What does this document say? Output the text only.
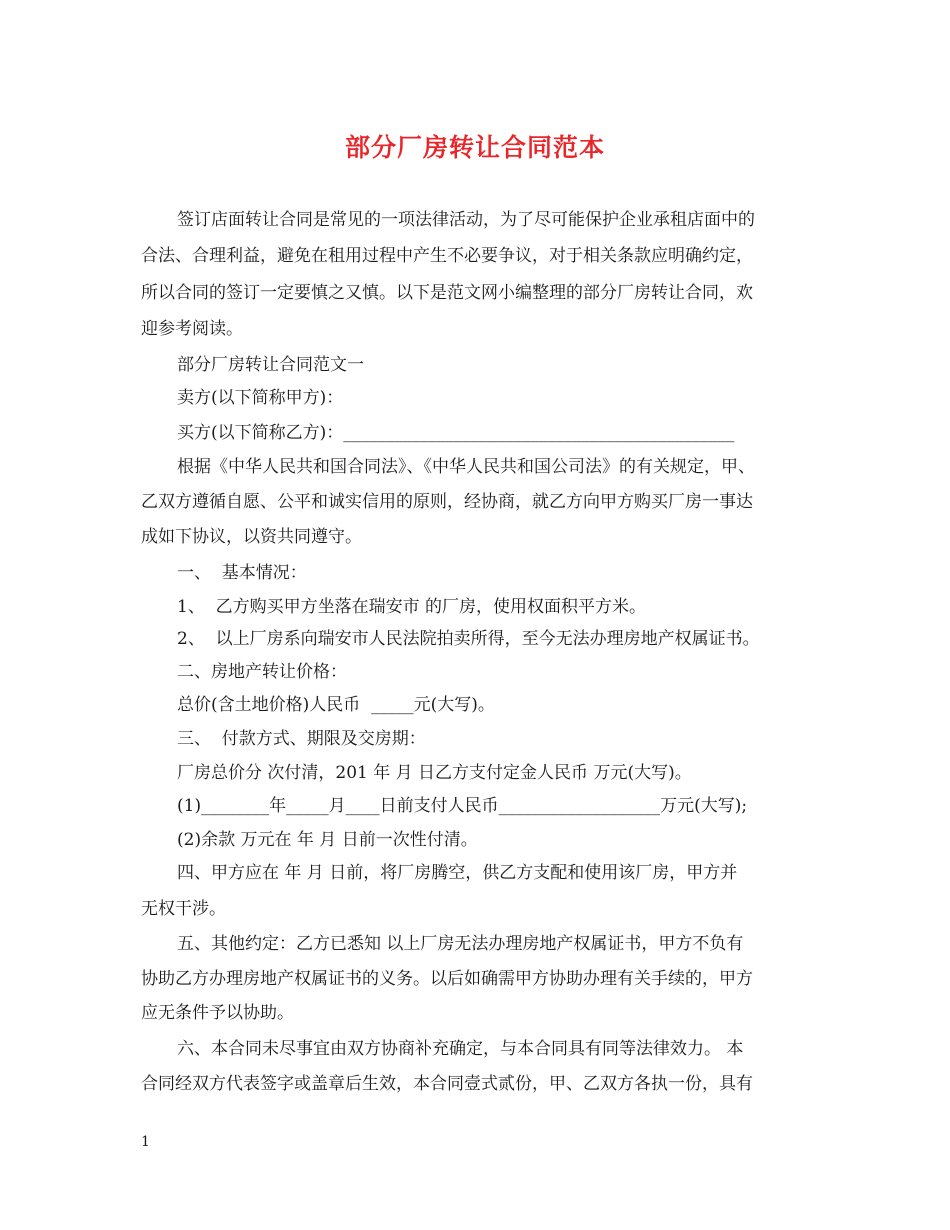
部分厂房转让合同范本
签订店面转让合同是常见的一项法律活动，为了尽可能保护企业承租店面中的
合法、合理利益，避免在租用过程中产生不必要争议，对于相关条款应明确约定，
所以合同的签订一定要慎之又慎。以下是范文网小编整理的部分厂房转让合同，欢
迎参考阅读。
部分厂房转让合同范文一
卖方(以下简称甲方)：
买方(以下简称乙方)：______________________________________________
根据《中华人民共和国合同法》、《中华人民共和国公司法》的有关规定，甲、
乙双方遵循自愿、公平和诚实信用的原则，经协商，就乙方向甲方购买厂房一事达
成如下协议，以资共同遵守。
一、  基本情况：
1、  乙方购买甲方坐落在瑞安市 的厂房，使用权面积平方米。
2、  以上厂房系向瑞安市人民法院拍卖所得，至今无法办理房地产权属证书。
二、房地产转让价格：
总价(含土地价格)人民币  _____元(大写)。
三、  付款方式、期限及交房期：
厂房总价分 次付清，201 年 月 日乙方支付定金人民币 万元(大写)。
(1)________年_____月____日前支付人民币___________________万元(大写);
(2)余款 万元在 年 月 日前一次性付清。
四、甲方应在 年 月 日前，将厂房腾空，供乙方支配和使用该厂房，甲方并
无权干涉。
五、其他约定：乙方已悉知 以上厂房无法办理房地产权属证书，甲方不负有
协助乙方办理房地产权属证书的义务。以后如确需甲方协助办理有关手续的，甲方
应无条件予以协助。
六、本合同未尽事宜由双方协商补充确定，与本合同具有同等法律效力。 本
合同经双方代表签字或盖章后生效，本合同壹式贰份，甲、乙双方各执一份，具有
1
